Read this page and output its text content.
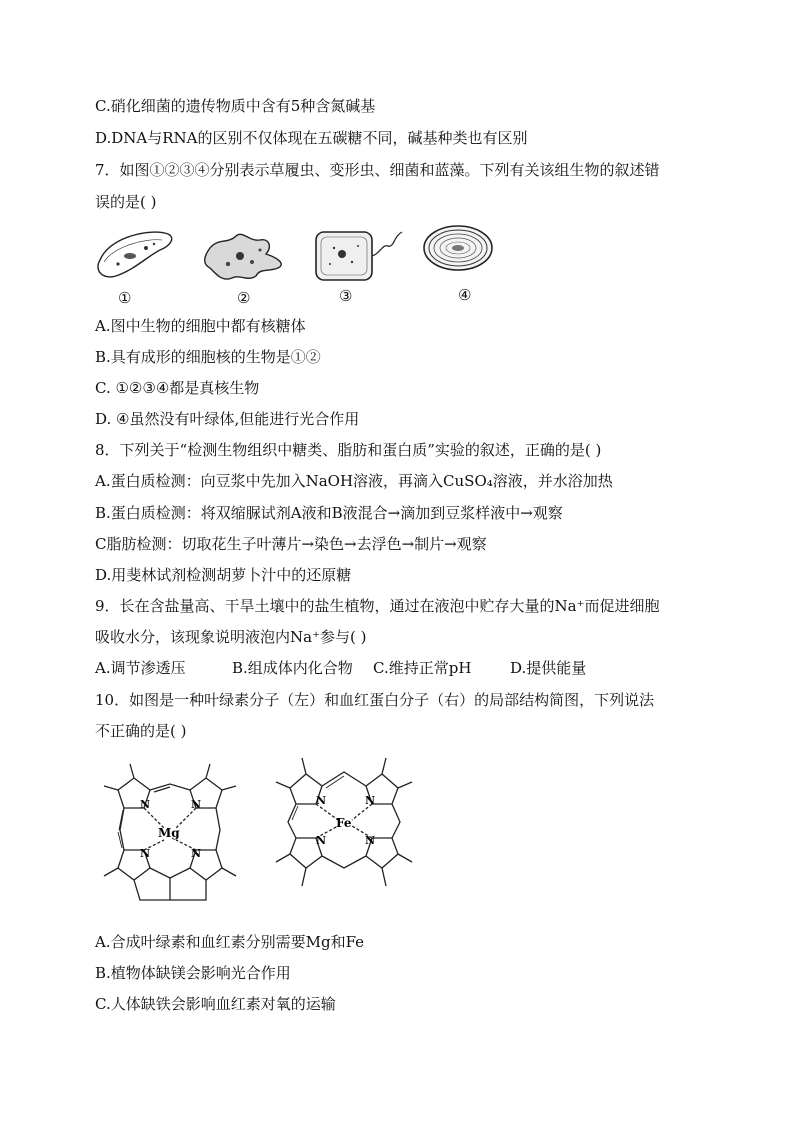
C.硝化细菌的遗传物质中含有5种含氮碱基
D.DNA与RNA的区别不仅体现在五碳糖不同，碱基种类也有区别
7．如图①②③④分别表示草履虫、变形虫、细菌和蓝藻。下列有关该组生物的叙述错
误的是( )
①	②	③	④
A.图中生物的细胞中都有核糖体
B.具有成形的细胞核的生物是①②
C. ①②③④都是真核生物
D. ④虽然没有叶绿体,但能进行光合作用
8．下列关于“检测生物组织中糖类、脂肪和蛋白质”实验的叙述，正确的是( )
A.蛋白质检测：向豆浆中先加入NaOH溶液，再滴入CuSO₄溶液，并水浴加热
B.蛋白质检测：将双缩脲试剂A液和B液混合→滴加到豆浆样液中→观察
C脂肪检测：切取花生子叶薄片→染色→去浮色→制片→观察
D.用斐林试剂检测胡萝卜汁中的还原糖
9．长在含盐量高、干旱土壤中的盐生植物，通过在液泡中贮存大量的Na⁺而促进细胞
吸收水分，该现象说明液泡内Na⁺参与( )
A.调节渗透压	B.组成体内化合物 C.维持正常pH	D.提供能量
10．如图是一种叶绿素分子（左）和血红蛋白分子（右）的局部结构简图，下列说法
不正确的是( )
N	N
N	N
Mg
N	N
N	N
Fe
A.合成叶绿素和血红素分别需要Mg和Fe
B.植物体缺镁会影响光合作用
C.人体缺铁会影响血红素对氧的运输
